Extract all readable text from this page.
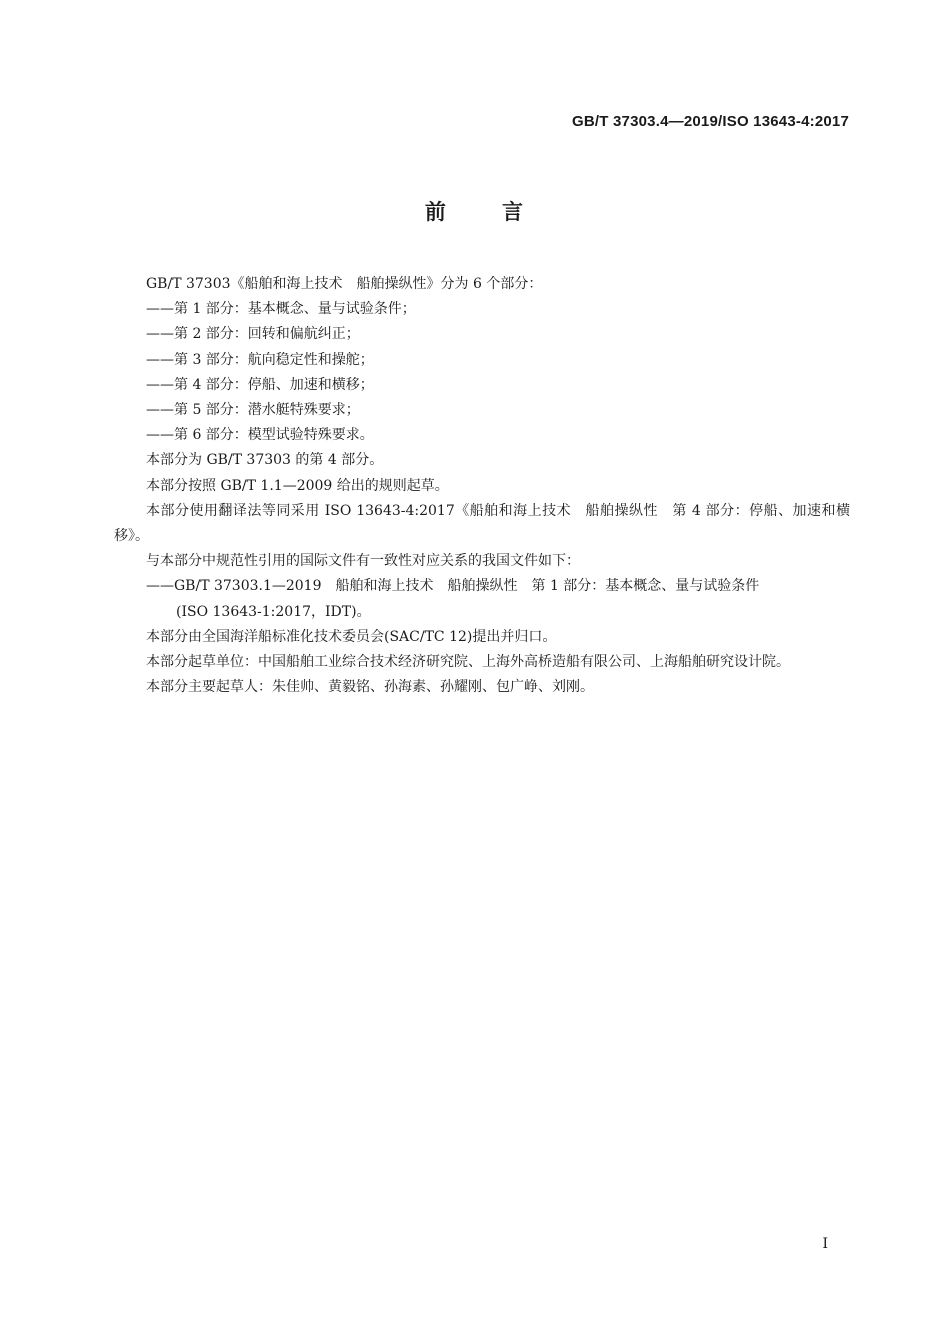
GB/T 37303.4—2019/ISO 13643-4:2017
前	言

GB/T 37303《船舶和海上技术　船舶操纵性》分为 6 个部分：

——第 1 部分：基本概念、量与试验条件；

——第 2 部分：回转和偏航纠正；

——第 3 部分：航向稳定性和操舵；

——第 4 部分：停船、加速和横移；

——第 5 部分：潜水艇特殊要求；

——第 6 部分：模型试验特殊要求。

本部分为 GB/T 37303 的第 4 部分。

本部分按照 GB/T 1.1—2009 给出的规则起草。

本部分使用翻译法等同采用 ISO 13643-4:2017《船舶和海上技术　船舶操纵性　第 4 部分：停船、加速和横移》。

与本部分中规范性引用的国际文件有一致性对应关系的我国文件如下：

——GB/T 37303.1—2019　船舶和海上技术　船舶操纵性　第 1 部分：基本概念、量与试验条件

(ISO 13643-1:2017，IDT)。

本部分由全国海洋船标准化技术委员会(SAC/TC 12)提出并归口。

本部分起草单位：中国船舶工业综合技术经济研究院、上海外高桥造船有限公司、上海船舶研究设计院。

本部分主要起草人：朱佳帅、黄毅铭、孙海素、孙耀刚、包广峥、刘刚。

I
